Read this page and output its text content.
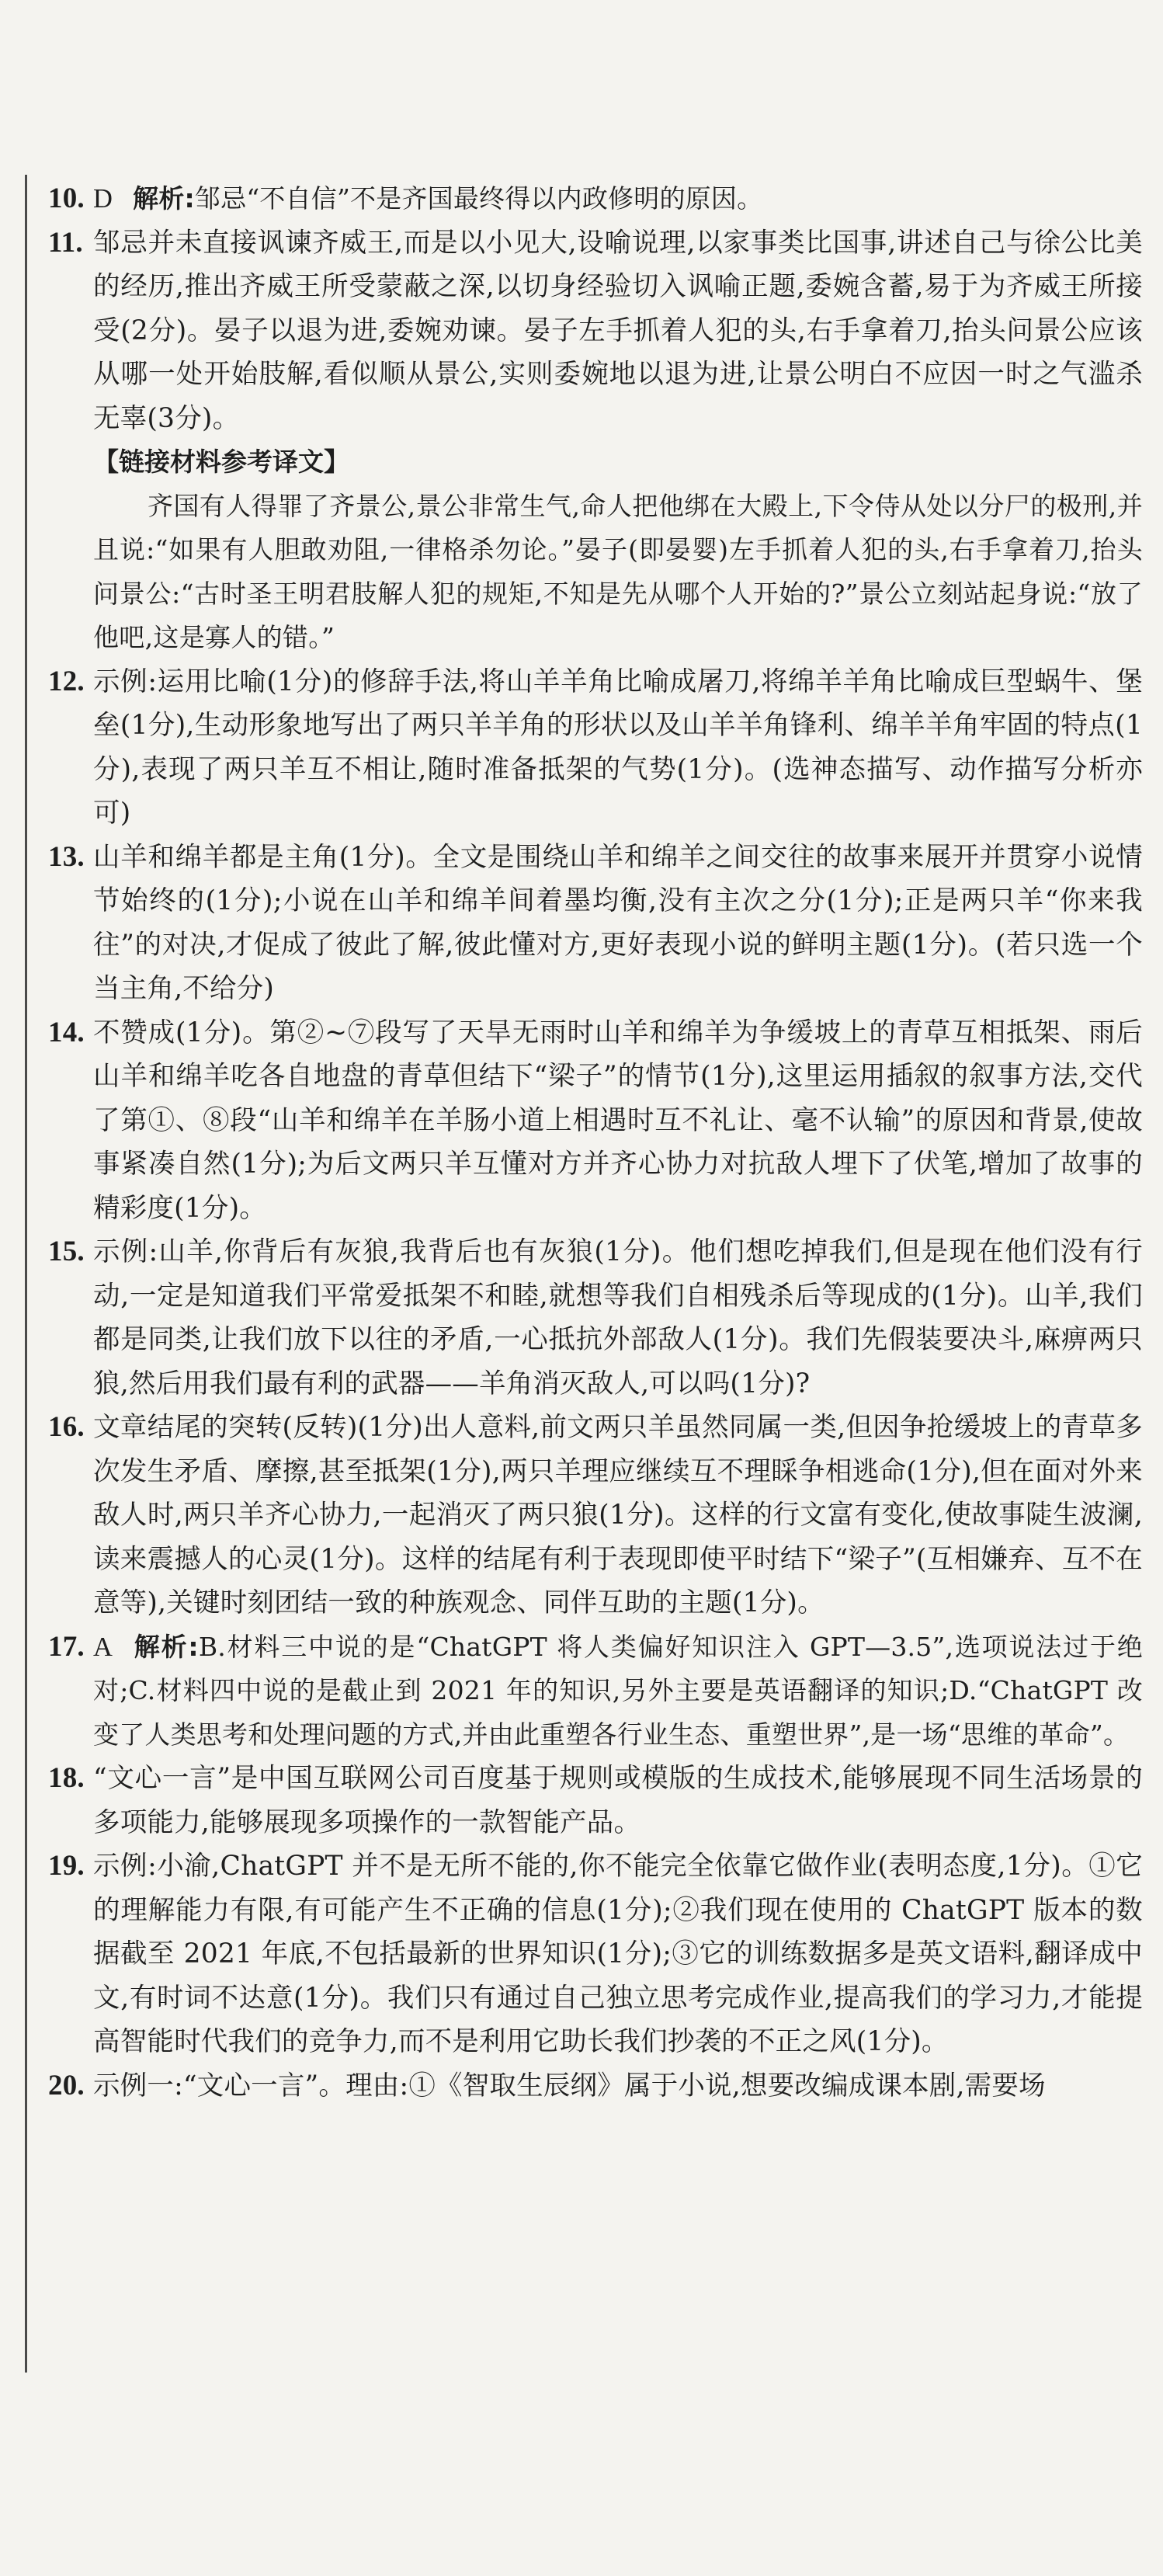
10. D 解析:邹忌“不自信”不是齐国最终得以内政修明的原因。
11. 邹忌并未直接讽谏齐威王,而是以小见大,设喻说理,以家事类比国事,讲述自己与徐公比美的经历,推出齐威王所受蒙蔽之深,以切身经验切入讽喻正题,委婉含蓄,易于为齐威王所接受(2分)。晏子以退为进,委婉劝谏。晏子左手抓着人犯的头,右手拿着刀,抬头问景公应该从哪一处开始肢解,看似顺从景公,实则委婉地以退为进,让景公明白不应因一时之气滥杀无辜(3分)。
【链接材料参考译文】
齐国有人得罪了齐景公,景公非常生气,命人把他绑在大殿上,下令侍从处以分尸的极刑,并且说:“如果有人胆敢劝阻,一律格杀勿论。”晏子(即晏婴)左手抓着人犯的头,右手拿着刀,抬头问景公:“古时圣王明君肢解人犯的规矩,不知是先从哪个人开始的?”景公立刻站起身说:“放了他吧,这是寡人的错。”
12. 示例:运用比喻(1分)的修辞手法,将山羊羊角比喻成屠刀,将绵羊羊角比喻成巨型蜗牛、堡垒(1分),生动形象地写出了两只羊羊角的形状以及山羊羊角锋利、绵羊羊角牢固的特点(1分),表现了两只羊互不相让,随时准备抵架的气势(1分)。(选神态描写、动作描写分析亦可)
13. 山羊和绵羊都是主角(1分)。全文是围绕山羊和绵羊之间交往的故事来展开并贯穿小说情节始终的(1分);小说在山羊和绵羊间着墨均衡,没有主次之分(1分);正是两只羊“你来我往”的对决,才促成了彼此了解,彼此懂对方,更好表现小说的鲜明主题(1分)。(若只选一个当主角,不给分)
14. 不赞成(1分)。第②~⑦段写了天旱无雨时山羊和绵羊为争缓坡上的青草互相抵架、雨后山羊和绵羊吃各自地盘的青草但结下“梁子”的情节(1分),这里运用插叙的叙事方法,交代了第①、⑧段“山羊和绵羊在羊肠小道上相遇时互不礼让、毫不认输”的原因和背景,使故事紧凑自然(1分);为后文两只羊互懂对方并齐心协力对抗敌人埋下了伏笔,增加了故事的精彩度(1分)。
15. 示例:山羊,你背后有灰狼,我背后也有灰狼(1分)。他们想吃掉我们,但是现在他们没有行动,一定是知道我们平常爱抵架不和睦,就想等我们自相残杀后等现成的(1分)。山羊,我们都是同类,让我们放下以往的矛盾,一心抵抗外部敌人(1分)。我们先假装要决斗,麻痹两只狼,然后用我们最有利的武器——羊角消灭敌人,可以吗(1分)?
16. 文章结尾的突转(反转)(1分)出人意料,前文两只羊虽然同属一类,但因争抢缓坡上的青草多次发生矛盾、摩擦,甚至抵架(1分),两只羊理应继续互不理睬争相逃命(1分),但在面对外来敌人时,两只羊齐心协力,一起消灭了两只狼(1分)。这样的行文富有变化,使故事陡生波澜,读来震撼人的心灵(1分)。这样的结尾有利于表现即使平时结下“梁子”(互相嫌弃、互不在意等),关键时刻团结一致的种族观念、同伴互助的主题(1分)。
17. A 解析:B.材料三中说的是“ChatGPT 将人类偏好知识注入 GPT—3.5”,选项说法过于绝对;C.材料四中说的是截止到 2021 年的知识,另外主要是英语翻译的知识;D.“ChatGPT 改变了人类思考和处理问题的方式,并由此重塑各行业生态、重塑世界”,是一场“思维的革命”。
18. “文心一言”是中国互联网公司百度基于规则或模版的生成技术,能够展现不同生活场景的多项能力,能够展现多项操作的一款智能产品。
19. 示例:小渝,ChatGPT 并不是无所不能的,你不能完全依靠它做作业(表明态度,1分)。①它的理解能力有限,有可能产生不正确的信息(1分);②我们现在使用的 ChatGPT 版本的数据截至 2021 年底,不包括最新的世界知识(1分);③它的训练数据多是英文语料,翻译成中文,有时词不达意(1分)。我们只有通过自己独立思考完成作业,提高我们的学习力,才能提高智能时代我们的竞争力,而不是利用它助长我们抄袭的不正之风(1分)。
20. 示例一:“文心一言”。理由:①《智取生辰纲》属于小说,想要改编成课本剧,需要场
